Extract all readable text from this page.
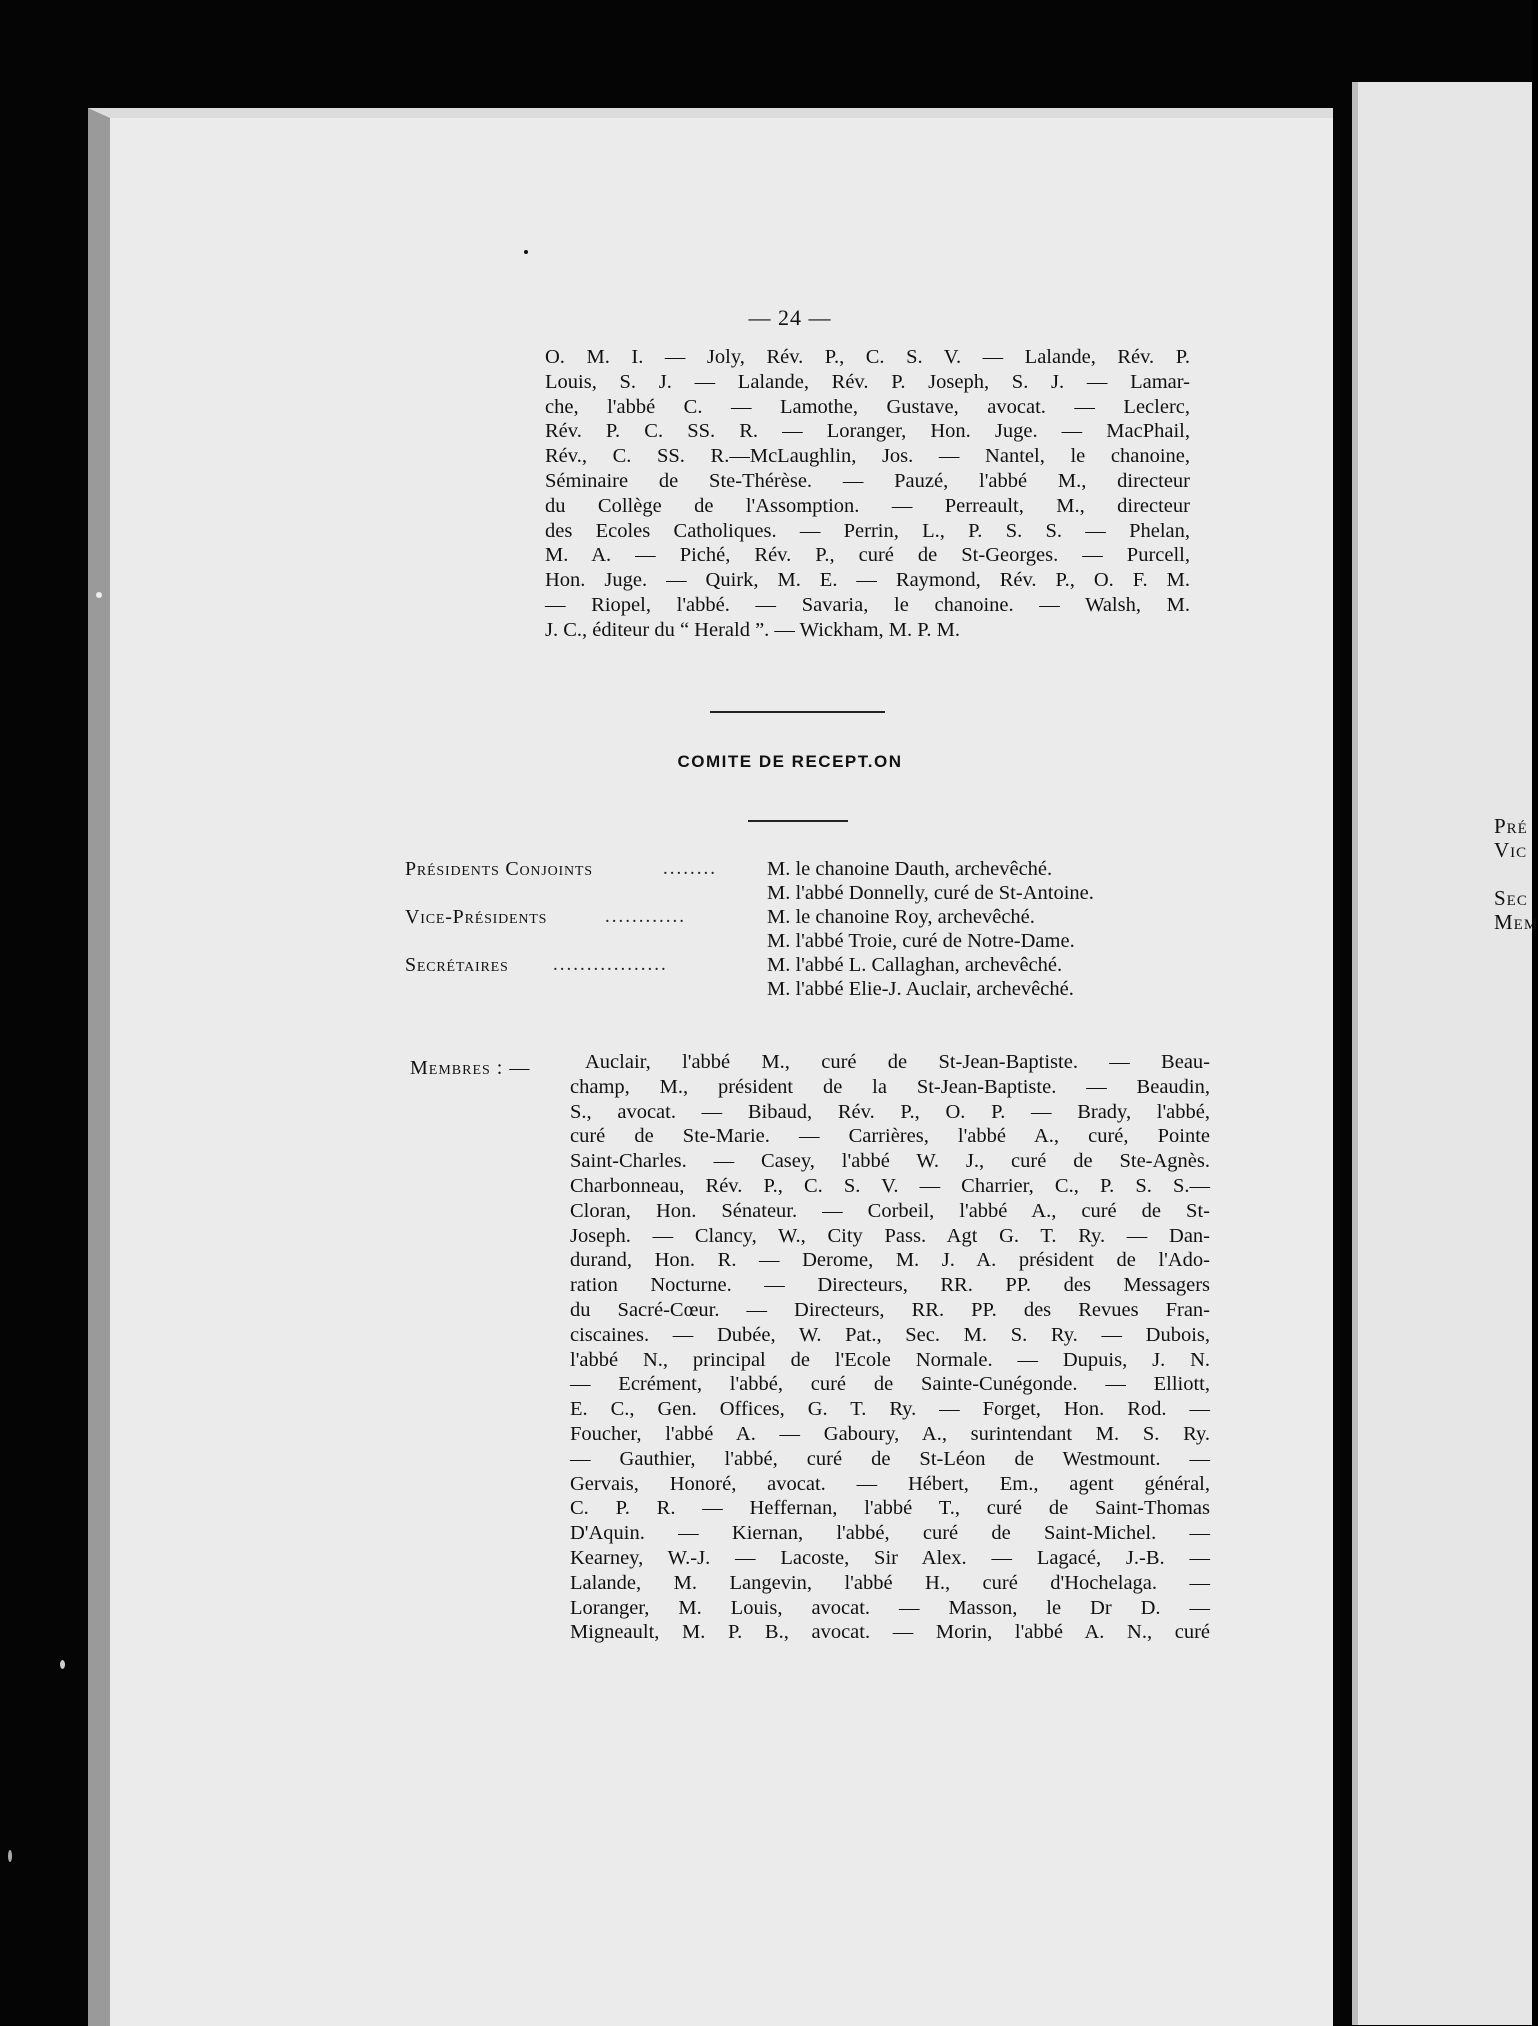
Pré
Vic
Sec
Mem
— 24 —
O. M. I. — Joly, Rév. P., C. S. V. — Lalande, Rév. P.
Louis, S. J. — Lalande, Rév. P. Joseph, S. J. — Lamar-
che, l'abbé C. — Lamothe, Gustave, avocat. — Leclerc,
Rév. P. C. SS. R. — Loranger, Hon. Juge. — MacPhail,
Rév., C. SS. R.—McLaughlin, Jos. — Nantel, le chanoine,
Séminaire de Ste-Thérèse. — Pauzé, l'abbé M., directeur
du Collège de l'Assomption. — Perreault, M., directeur
des Ecoles Catholiques. — Perrin, L., P. S. S. — Phelan,
M. A. — Piché, Rév. P., curé de St-Georges. — Purcell,
Hon. Juge. — Quirk, M. E. — Raymond, Rév. P., O. F. M.
— Riopel, l'abbé. — Savaria, le chanoine. — Walsh, M.
J. C., éditeur du “ Herald ”. — Wickham, M. P. M.
COMITE DE RECEPT.ON
Présidents Conjoints	........ M. le chanoine Dauth, archevêché.
M. l'abbé Donnelly, curé de St-Antoine.
Vice-Présidents	............	M. le chanoine Roy, archevêché.
M. l'abbé Troie, curé de Notre-Dame.
Secrétaires .................	M. l'abbé L. Callaghan, archevêché.
M. l'abbé Elie-J. Auclair, archevêché.
Membres : —	Auclair, l'abbé M., curé de St-Jean-Baptiste. — Beau-
champ, M., président de la St-Jean-Baptiste. — Beaudin,
S., avocat. — Bibaud, Rév. P., O. P. — Brady, l'abbé,
curé de Ste-Marie. — Carrières, l'abbé A., curé, Pointe
Saint-Charles. — Casey, l'abbé W. J., curé de Ste-Agnès.
Charbonneau, Rév. P., C. S. V. — Charrier, C., P. S. S.—
Cloran, Hon. Sénateur. — Corbeil, l'abbé A., curé de St-
Joseph. — Clancy, W., City Pass. Agt G. T. Ry. — Dan-
durand, Hon. R. — Derome, M. J. A. président de l'Ado-
ration Nocturne. — Directeurs, RR. PP. des Messagers
du Sacré-Cœur. — Directeurs, RR. PP. des Revues Fran-
ciscaines. — Dubée, W. Pat., Sec. M. S. Ry. — Dubois,
l'abbé N., principal de l'Ecole Normale. — Dupuis, J. N.
— Ecrément, l'abbé, curé de Sainte-Cunégonde. — Elliott,
E. C., Gen. Offices, G. T. Ry. — Forget, Hon. Rod. —
Foucher, l'abbé A. — Gaboury, A., surintendant M. S. Ry.
— Gauthier, l'abbé, curé de St-Léon de Westmount. —
Gervais, Honoré, avocat. — Hébert, Em., agent général,
C. P. R. — Heffernan, l'abbé T., curé de Saint-Thomas
D'Aquin. — Kiernan, l'abbé, curé de Saint-Michel. —
Kearney, W.-J. — Lacoste, Sir Alex. — Lagacé, J.-B. —
Lalande, M. Langevin, l'abbé H., curé d'Hochelaga. —
Loranger, M. Louis, avocat. — Masson, le Dr D. —
Migneault, M. P. B., avocat. — Morin, l'abbé A. N., curé
